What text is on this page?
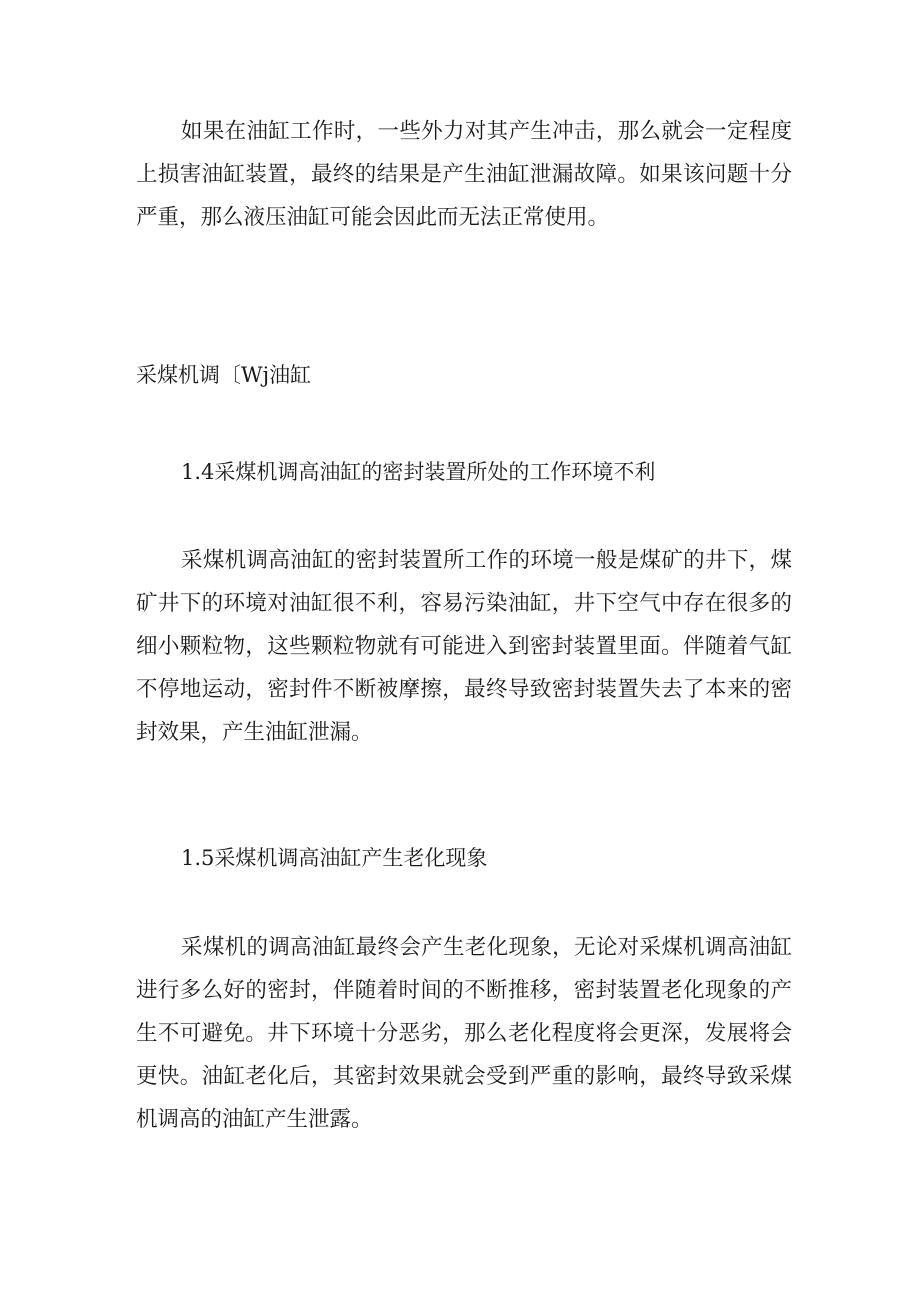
如果在油缸工作时，一些外力对其产生冲击，那么就会一定程度上损害油缸装置，最终的结果是产生油缸泄漏故障。如果该问题十分严重，那么液压油缸可能会因此而无法正常使用。

采煤机调〔Wj油缸

1.4采煤机调高油缸的密封装置所处的工作环境不利

采煤机调高油缸的密封装置所工作的环境一般是煤矿的井下，煤矿井下的环境对油缸很不利，容易污染油缸，井下空气中存在很多的细小颗粒物，这些颗粒物就有可能进入到密封装置里面。伴随着气缸不停地运动，密封件不断被摩擦，最终导致密封装置失去了本来的密封效果，产生油缸泄漏。

1.5采煤机调高油缸产生老化现象

采煤机的调高油缸最终会产生老化现象，无论对采煤机调高油缸进行多么好的密封，伴随着时间的不断推移，密封装置老化现象的产生不可避免。井下环境十分恶劣，那么老化程度将会更深，发展将会更快。油缸老化后，其密封效果就会受到严重的影响，最终导致采煤机调高的油缸产生泄露。
